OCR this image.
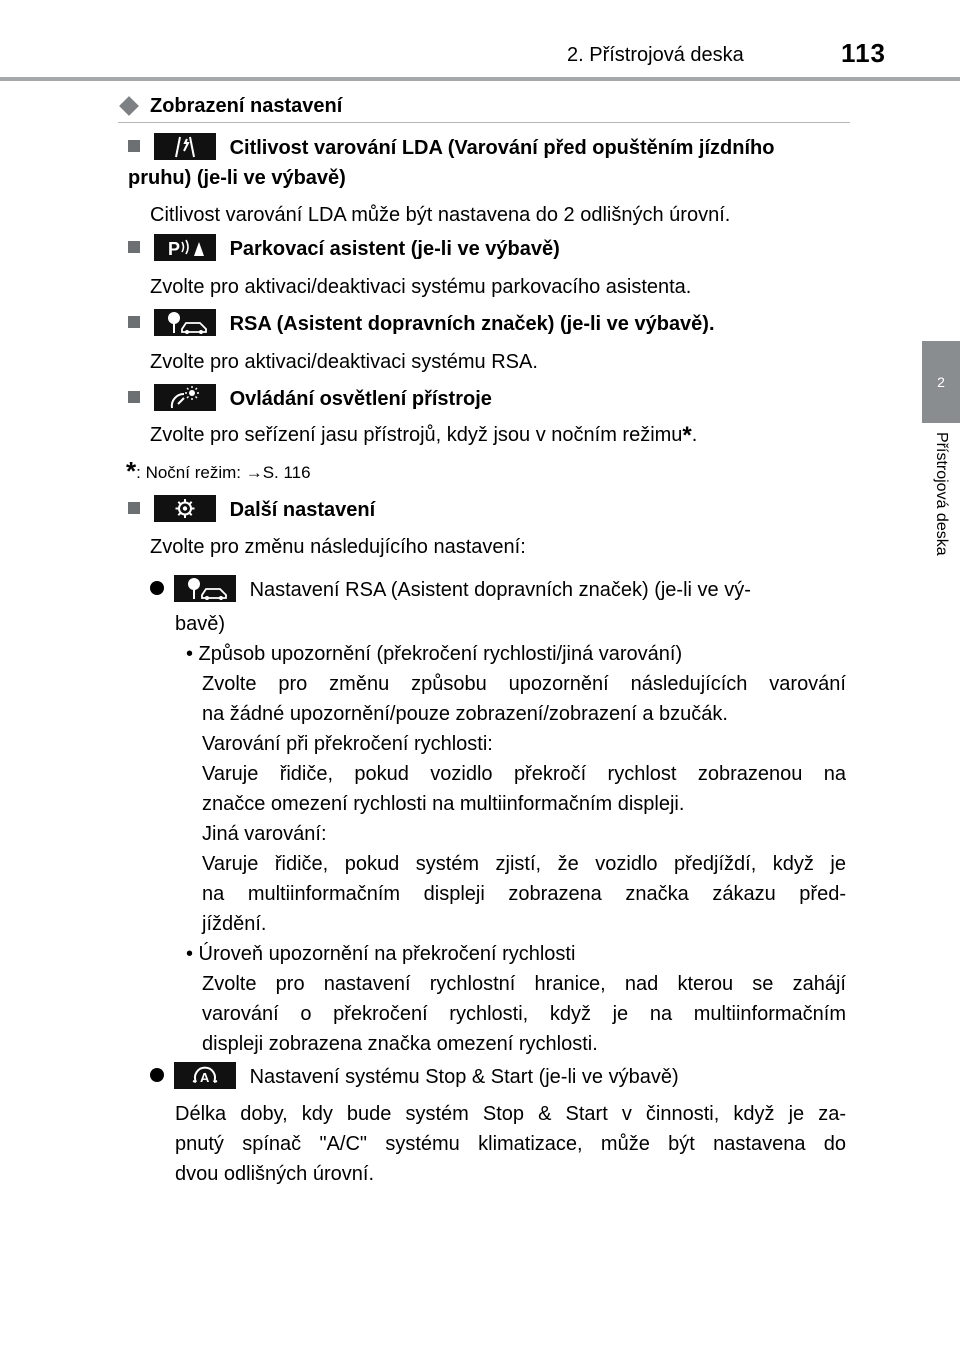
2. Přístrojová deska	113
2
Přístrojová deska
Zobrazení nastavení
Citlivost varování LDA (Varování před opuštěním jízdního
pruhu) (je-li ve výbavě)
Citlivost varování LDA může být nastavena do 2 odlišných úrovní.
P Parkovací asistent (je-li ve výbavě)
Zvolte pro aktivaci/deaktivaci systému parkovacího asistenta.
RSA (Asistent dopravních značek) (je-li ve výbavě).
Zvolte pro aktivaci/deaktivaci systému RSA.
Ovládání osvětlení přístroje
Zvolte pro seřízení jasu přístrojů, když jsou v nočním režimu*.
*: Noční režim: →S. 116
Další nastavení
Zvolte pro změnu následujícího nastavení:
Nastavení RSA (Asistent dopravních značek) (je-li ve vý-
bavě)
• Způsob upozornění (překročení rychlosti/jiná varování)
Zvolte pro změnu způsobu upozornění následujících varování
na žádné upozornění/pouze zobrazení/zobrazení a bzučák.
Varování při překročení rychlosti:
Varuje řidiče, pokud vozidlo překročí rychlost zobrazenou na
značce omezení rychlosti na multiinformačním displeji.
Jiná varování:
Varuje řidiče, pokud systém zjistí, že vozidlo předjíždí, když je
na multiinformačním displeji zobrazena značka zákazu před-
jíždění.
• Úroveň upozornění na překročení rychlosti
Zvolte pro nastavení rychlostní hranice, nad kterou se zahájí
varování o překročení rychlosti, když je na multiinformačním
displeji zobrazena značka omezení rychlosti.
A Nastavení systému Stop & Start (je-li ve výbavě)
Délka doby, kdy bude systém Stop & Start v činnosti, když je za-
pnutý spínač "A/C" systému klimatizace, může být nastavena do
dvou odlišných úrovní.
